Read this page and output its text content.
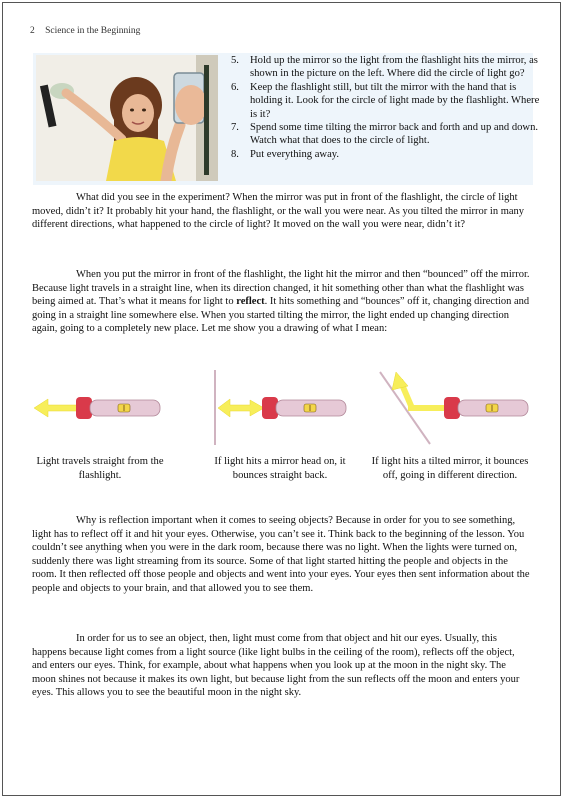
2 Science in the Beginning
5. Hold up the mirror so the light from the flashlight hits the mirror, as shown in the picture on the left. Where did the circle of light go?
6. Keep the flashlight still, but tilt the mirror with the hand that is holding it. Look for the circle of light made by the flashlight. Where is it?
7. Spend some time tilting the mirror back and forth and up and down. Watch what that does to the circle of light.
8. Put everything away.

What did you see in the experiment? When the mirror was put in front of the flashlight, the circle of light moved, didn’t it? It probably hit your hand, the flashlight, or the wall you were near. As you tilted the mirror in many different directions, what happened to the circle of light? It moved on the wall you were near, didn’t it?

When you put the mirror in front of the flashlight, the light hit the mirror and then “bounced” off the mirror. Because light travels in a straight line, when its direction changed, it hit something other than what the flashlight was being aimed at. That’s what it means for light to reflect. It hits something and “bounces” off it, changing direction and going in a straight line somewhere else. When you started tilting the mirror, the light ended up changing direction again, going to a completely new place. Let me show you a drawing of what I mean:

Light travels straight from the flashlight.
If light hits a mirror head on, it bounces straight back.
If light hits a tilted mirror, it bounces off, going in different direction.

Why is reflection important when it comes to seeing objects? Because in order for you to see something, light has to reflect off it and hit your eyes. Otherwise, you can’t see it. Think back to the beginning of the lesson. You couldn’t see anything when you were in the dark room, because there was no light. When the lights were turned on, suddenly there was light streaming from its source. Some of that light started hitting the people and objects in the room. It then reflected off those people and objects and went into your eyes. Your eyes then sent information about the people and objects to your brain, and that allowed you to see them.

In order for us to see an object, then, light must come from that object and hit our eyes. Usually, this happens because light comes from a light source (like light bulbs in the ceiling of the room), reflects off the object, and enters our eyes. Think, for example, about what happens when you look up at the moon in the night sky. The moon shines not because it makes its own light, but because light from the sun reflects off the moon and enters your eyes. This allows you to see the beautiful moon in the night sky.
